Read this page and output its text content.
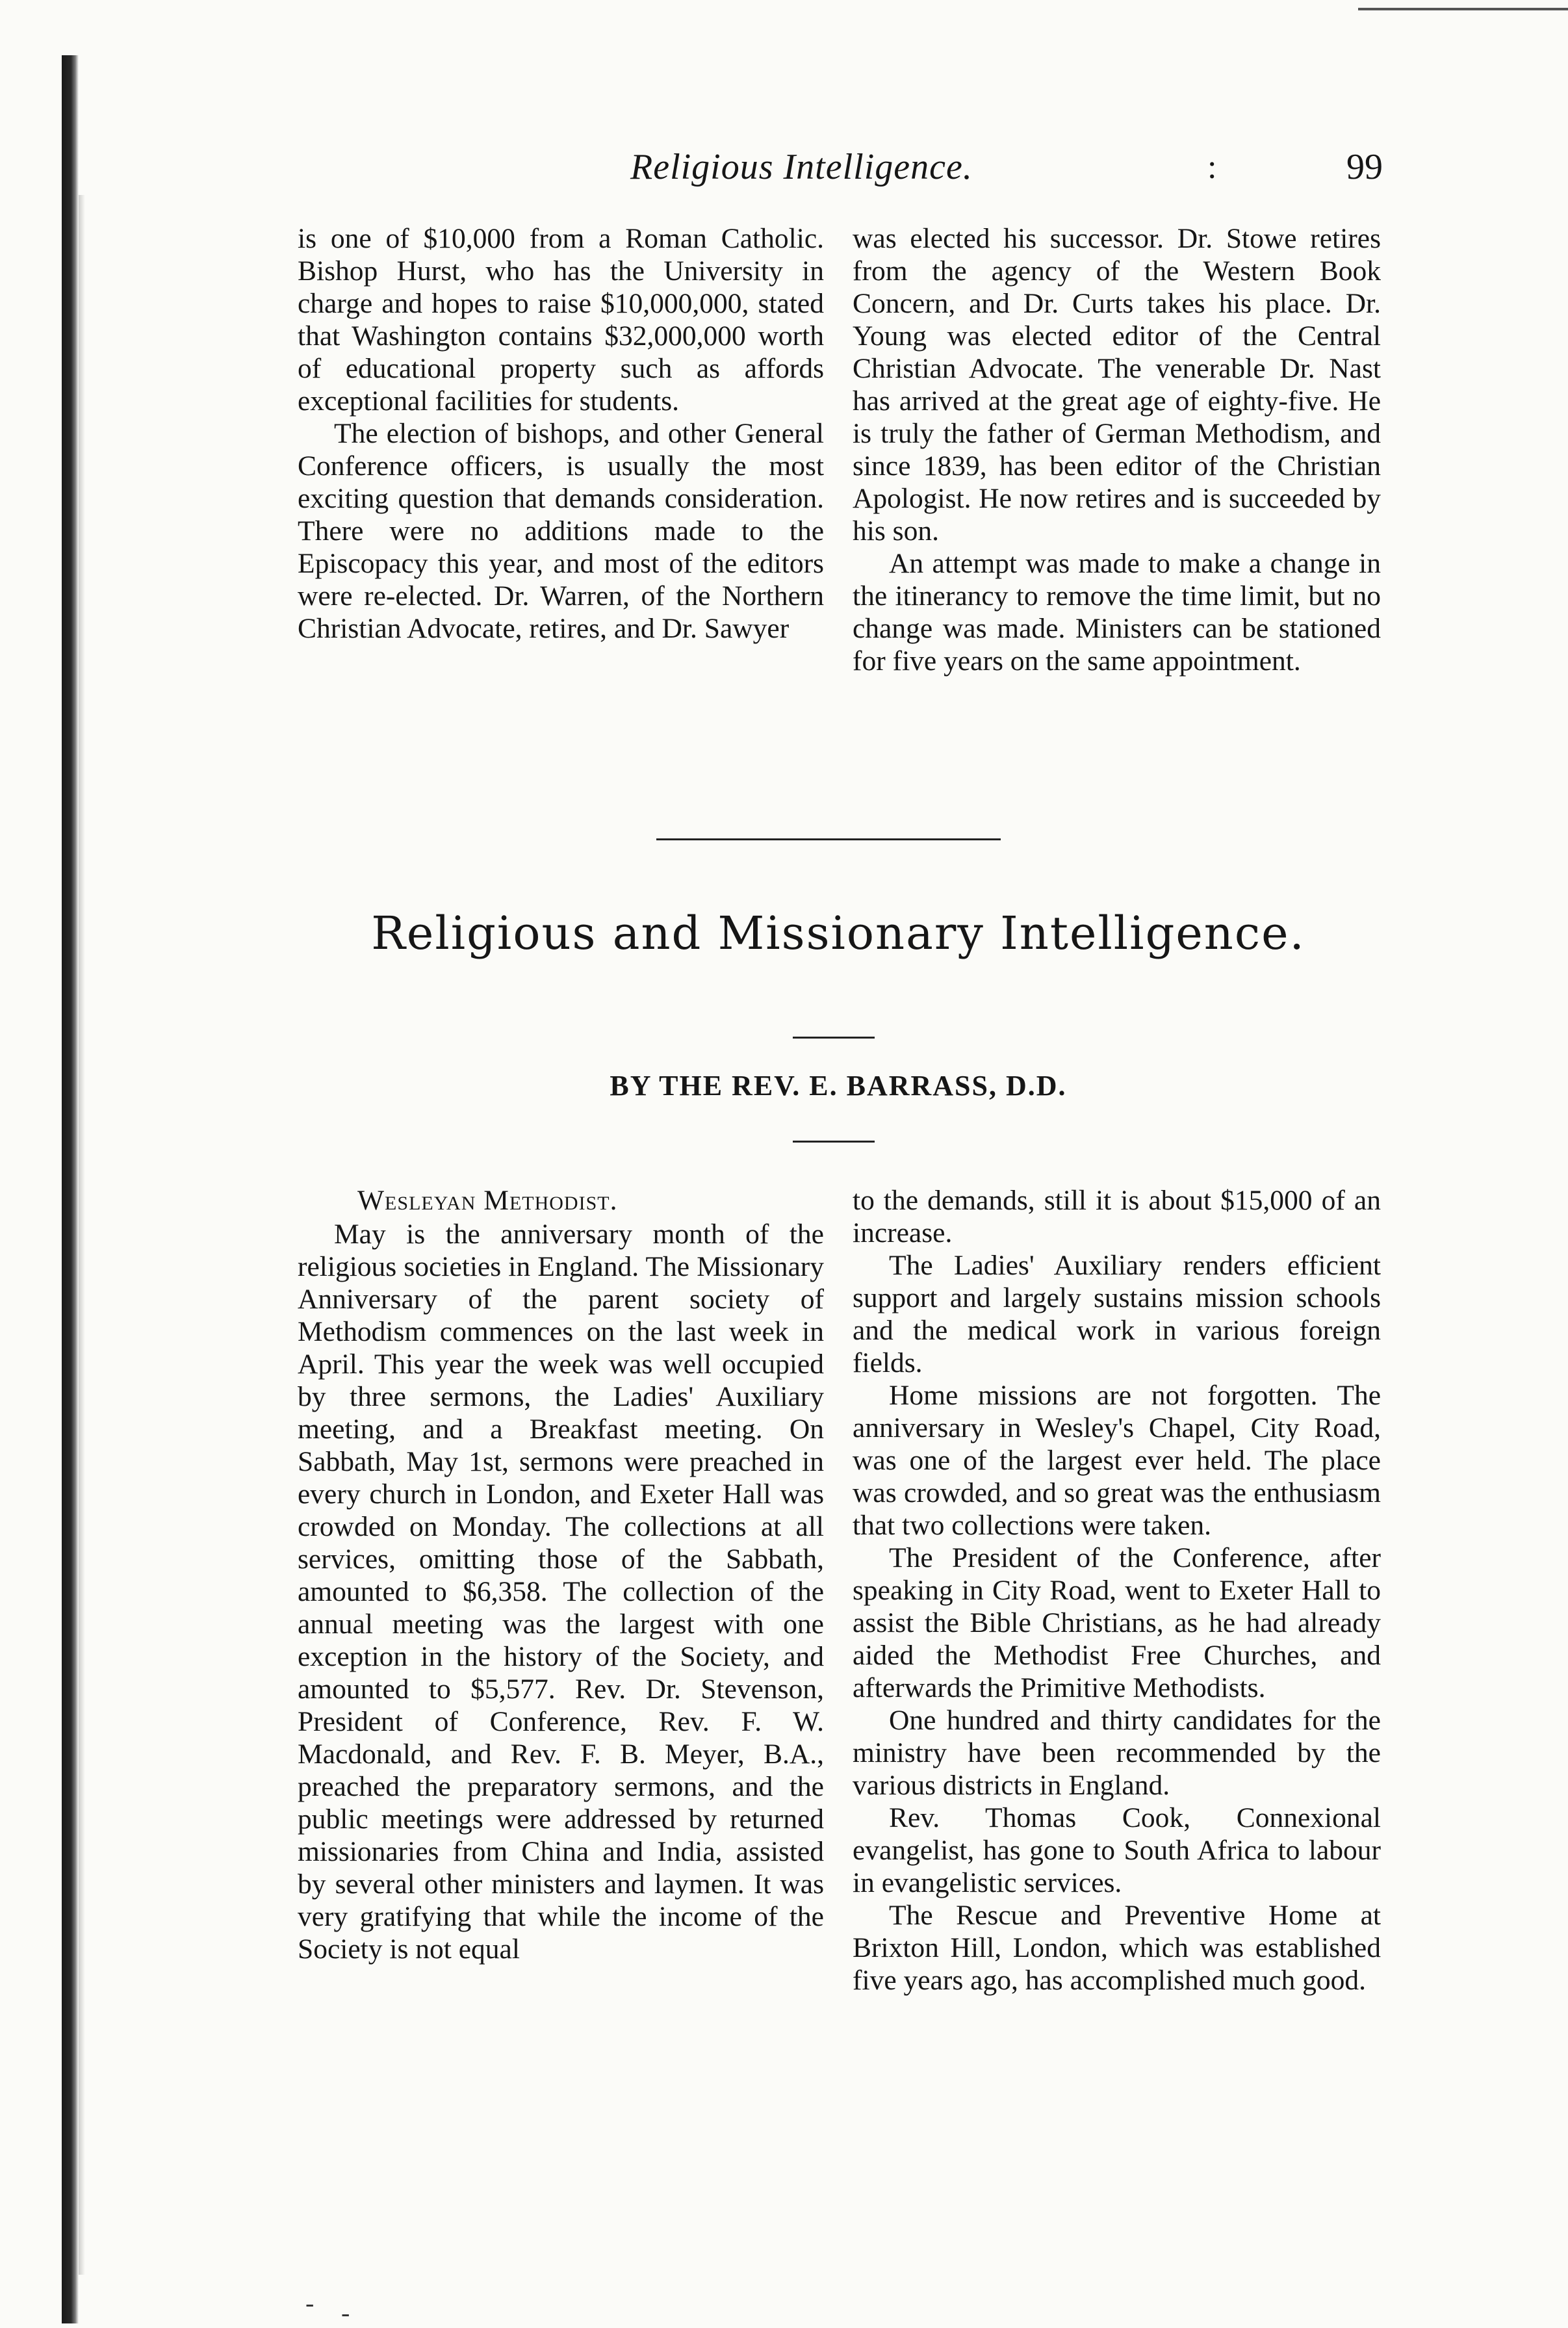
Religious Intelligence.	:	99

is one of $10,000 from a Roman Catholic. Bishop Hurst, who has the University in charge and hopes to raise $10,000,000, stated that Washington contains $32,000,000 worth of educational property such as affords exceptional facilities for students.

The election of bishops, and other General Conference officers, is usually the most exciting question that demands consideration. There were no additions made to the Episcopacy this year, and most of the editors were re-elected. Dr. Warren, of the Northern Christian Advocate, retires, and Dr. Sawyer

was elected his successor. Dr. Stowe retires from the agency of the Western Book Concern, and Dr. Curts takes his place. Dr. Young was elected editor of the Central Christian Advocate. The venerable Dr. Nast has arrived at the great age of eighty-five. He is truly the father of German Methodism, and since 1839, has been editor of the Christian Apologist. He now retires and is succeeded by his son.

An attempt was made to make a change in the itinerancy to remove the time limit, but no change was made. Ministers can be stationed for five years on the same appointment.

Religious and Missionary Intelligence.
BY THE REV. E. BARRASS, D.D.

Wesleyan Methodist.

May is the anniversary month of the religious societies in England. The Missionary Anniversary of the parent society of Methodism commences on the last week in April. This year the week was well occupied by three sermons, the Ladies' Auxiliary meeting, and a Breakfast meeting. On Sabbath, May 1st, sermons were preached in every church in London, and Exeter Hall was crowded on Monday. The collections at all services, omitting those of the Sabbath, amounted to $6,358. The collection of the annual meeting was the largest with one exception in the history of the Society, and amounted to $5,577. Rev. Dr. Stevenson, President of Conference, Rev. F. W. Macdonald, and Rev. F. B. Meyer, B.A., preached the preparatory sermons, and the public meetings were addressed by returned missionaries from China and India, assisted by several other ministers and laymen. It was very gratifying that while the income of the Society is not equal

to the demands, still it is about $15,000 of an increase.

The Ladies' Auxiliary renders efficient support and largely sustains mission schools and the medical work in various foreign fields.

Home missions are not forgotten. The anniversary in Wesley's Chapel, City Road, was one of the largest ever held. The place was crowded, and so great was the enthusiasm that two collections were taken.

The President of the Conference, after speaking in City Road, went to Exeter Hall to assist the Bible Christians, as he had already aided the Methodist Free Churches, and afterwards the Primitive Methodists.

One hundred and thirty candidates for the ministry have been recommended by the various districts in England.

Rev. Thomas Cook, Connexional evangelist, has gone to South Africa to labour in evangelistic services.

The Rescue and Preventive Home at Brixton Hill, London, which was established five years ago, has accomplished much good.

- -
